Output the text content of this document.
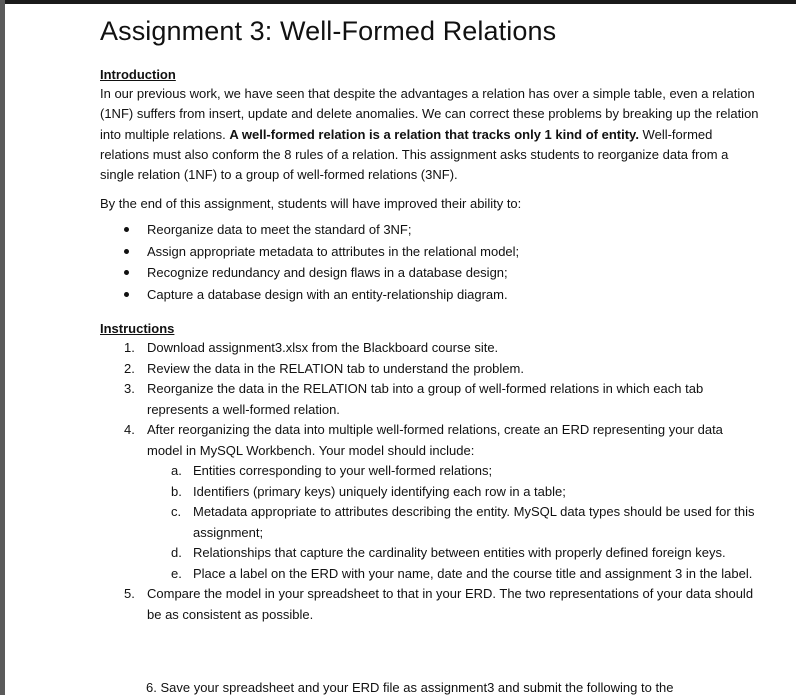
Assignment 3: Well-Formed Relations
Introduction

In our previous work, we have seen that despite the advantages a relation has over a simple table, even a relation (1NF) suffers from insert, update and delete anomalies. We can correct these problems by breaking up the relation into multiple relations. A well-formed relation is a relation that tracks only 1 kind of entity. Well-formed relations must also conform the 8 rules of a relation. This assignment asks students to reorganize data from a single relation (1NF) to a group of well-formed relations (3NF).

By the end of this assignment, students will have improved their ability to:

Reorganize data to meet the standard of 3NF;
Assign appropriate metadata to attributes in the relational model;
Recognize redundancy and design flaws in a database design;
Capture a database design with an entity-relationship diagram.
Instructions
1. Download assignment3.xlsx from the Blackboard course site.
2. Review the data in the RELATION tab to understand the problem.
3. Reorganize the data in the RELATION tab into a group of well-formed relations in which each tab represents a well-formed relation.
4. After reorganizing the data into multiple well-formed relations, create an ERD representing your data model in MySQL Workbench. Your model should include:
a. Entities corresponding to your well-formed relations;
b. Identifiers (primary keys) uniquely identifying each row in a table;
c. Metadata appropriate to attributes describing the entity. MySQL data types should be used for this assignment;
d. Relationships that capture the cardinality between entities with properly defined foreign keys.
e. Place a label on the ERD with your name, date and the course title and assignment 3 in the label.
5. Compare the model in your spreadsheet to that in your ERD. The two representations of your data should be as consistent as possible.
6. Save your spreadsheet and your ERD file as assignment3 and submit the following to the
